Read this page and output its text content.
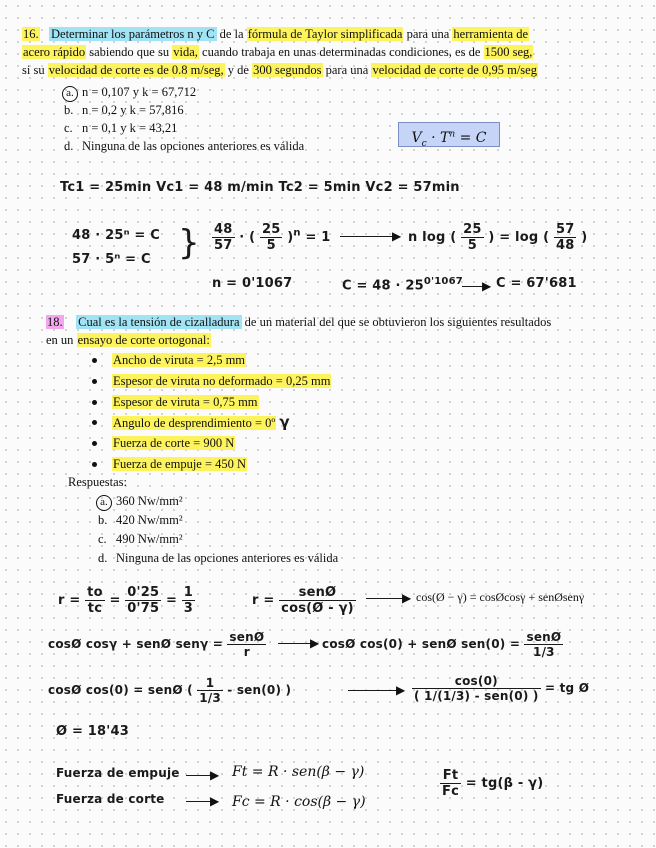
16. Determinar los parámetros n y C de la fórmula de Taylor simplificada para una herramienta de
acero rápido sabiendo que su vida, cuando trabaja en unas determinadas condiciones, es de 1500 seg,
si su velocidad de corte es de 0.8 m/seg, y de 300 segundos para una velocidad de corte de 0,95 m/seg
a. n = 0,107 y k = 67,712
b. n = 0,2 y k = 57,816
c. n = 0,1 y k = 43,21
d. Ninguna de las opciones anteriores es válida
$V_c \cdot T^n = C$
Tc1 = 25min Vc1 = 48 m/min Tc2 = 5min Vc2 = 57min
48 · 25ⁿ = C
57 · 5ⁿ = C } $\frac{48}{57}$ · ( $\frac{25}{5} )^n = 1$	▶ n log ( $\frac{25}{5}$ ) = log ( $\frac{57}{48}$ )
n = 0'1067	$C = 48 \cdot 25^{0'1067}$ ▶ C = 67'681
18. Cual es la tensión de cizalladura de un material del que se obtuvieron los siguientes resultados
en un ensayo de corte ortogonal:
Ancho de viruta = 2,5 mm
Espesor de viruta no deformado = 0,25 mm
Espesor de viruta = 0,75 mm
Angulo de desprendimiento = 0º γ
Fuerza de corte = 900 N
Fuerza de empuje = 450 N
Respuestas:
a. 360 Nw/mm²
b. 420 Nw/mm²
c. 490 Nw/mm²
d. Ninguna de las opciones anteriores es válida
$r = \frac{to}{tc} = \frac{0'25}{0'75} = \frac{1}{3}$	$r = \frac{\text{senØ}}{\cos(Ø - \gamma)}$	▶ cos(Ø − γ) = cosØcosγ + senØsenγ
cosØ cosγ + senØ $sen\gamma = \frac{\text{senØ}}{r}$	▶ cosØ cos(0) + senØ $sen(0) = \frac{\text{senØ}}{1/3}$
cosØ cos(0) = senØ ( $\frac{1}{1/3} - sen(0)$ )	▶ $\frac{\cos(0)}{\text{( 1/(1/3) - sen(0) )}}$ = tg Ø
Ø = 18'43
Fuerza de empuje	▶ Ft = R · sen(β − γ)
Fuerza de corte	▶ Fc = R · cos(β − γ)
$\frac{Ft}{Fc} = tg(\beta - \gamma)$
